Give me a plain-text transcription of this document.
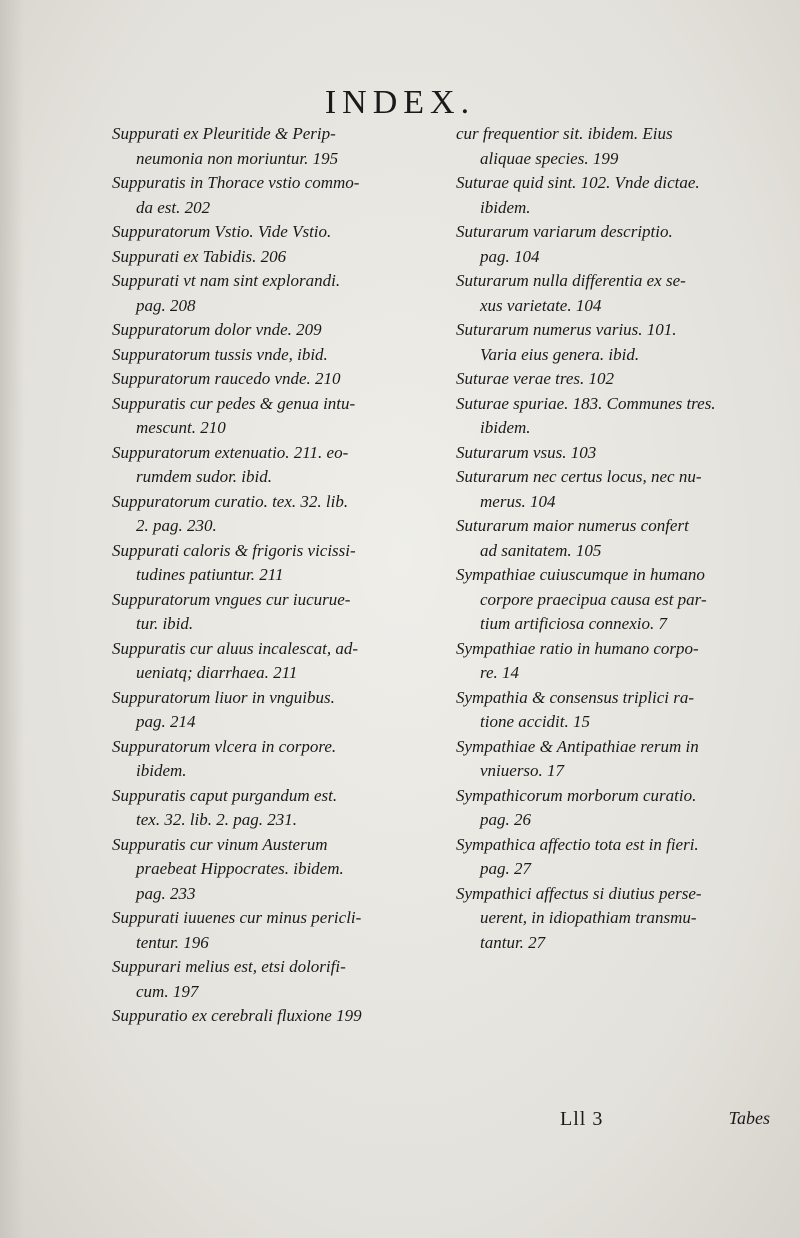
INDEX.
Suppurati ex Pleuritide & Perip-
neumonia non moriuntur. 195
Suppuratis in Thorace vstio commo-
da est. 202
Suppuratorum Vstio. Vide Vstio.
Suppurati ex Tabidis. 206
Suppurati vt nam sint explorandi.
pag. 208
Suppuratorum dolor vnde. 209
Suppuratorum tussis vnde, ibid.
Suppuratorum raucedo vnde. 210
Suppuratis cur pedes & genua intu-
mescunt. 210
Suppuratorum extenuatio. 211. eo-
rumdem sudor. ibid.
Suppuratorum curatio. tex. 32. lib.
2. pag. 230.
Suppurati caloris & frigoris vicissi-
tudines patiuntur. 211
Suppuratorum vngues cur iucurue-
tur. ibid.
Suppuratis cur aluus incalescat, ad-
ueniatq; diarrhaea. 211
Suppuratorum liuor in vnguibus.
pag. 214
Suppuratorum vlcera in corpore.
ibidem.
Suppuratis caput purgandum est.
tex. 32. lib. 2. pag. 231.
Suppuratis cur vinum Austerum
praebeat Hippocrates. ibidem.
pag. 233
Suppurati iuuenes cur minus pericli-
tentur. 196
Suppurari melius est, etsi dolorifi-
cum. 197
Suppuratio ex cerebrali fluxione 199
cur frequentior sit. ibidem. Eius
aliquae species. 199
Suturae quid sint. 102. Vnde dictae.
ibidem.
Suturarum variarum descriptio.
pag. 104
Suturarum nulla differentia ex se-
xus varietate. 104
Suturarum numerus varius. 101.
Varia eius genera. ibid.
Suturae verae tres. 102
Suturae spuriae. 183. Communes tres.
ibidem.
Suturarum vsus. 103
Suturarum nec certus locus, nec nu-
merus. 104
Suturarum maior numerus confert
ad sanitatem. 105
Sympathiae cuiuscumque in humano
corpore praecipua causa est par-
tium artificiosa connexio. 7
Sympathiae ratio in humano corpo-
re. 14
Sympathia & consensus triplici ra-
tione accidit. 15
Sympathiae & Antipathiae rerum in
vniuerso. 17
Sympathicorum morborum curatio.
pag. 26
Sympathica affectio tota est in fieri.
pag. 27
Sympathici affectus si diutius perse-
uerent, in idiopathiam transmu-
tantur. 27
Lll 3	Tabes
